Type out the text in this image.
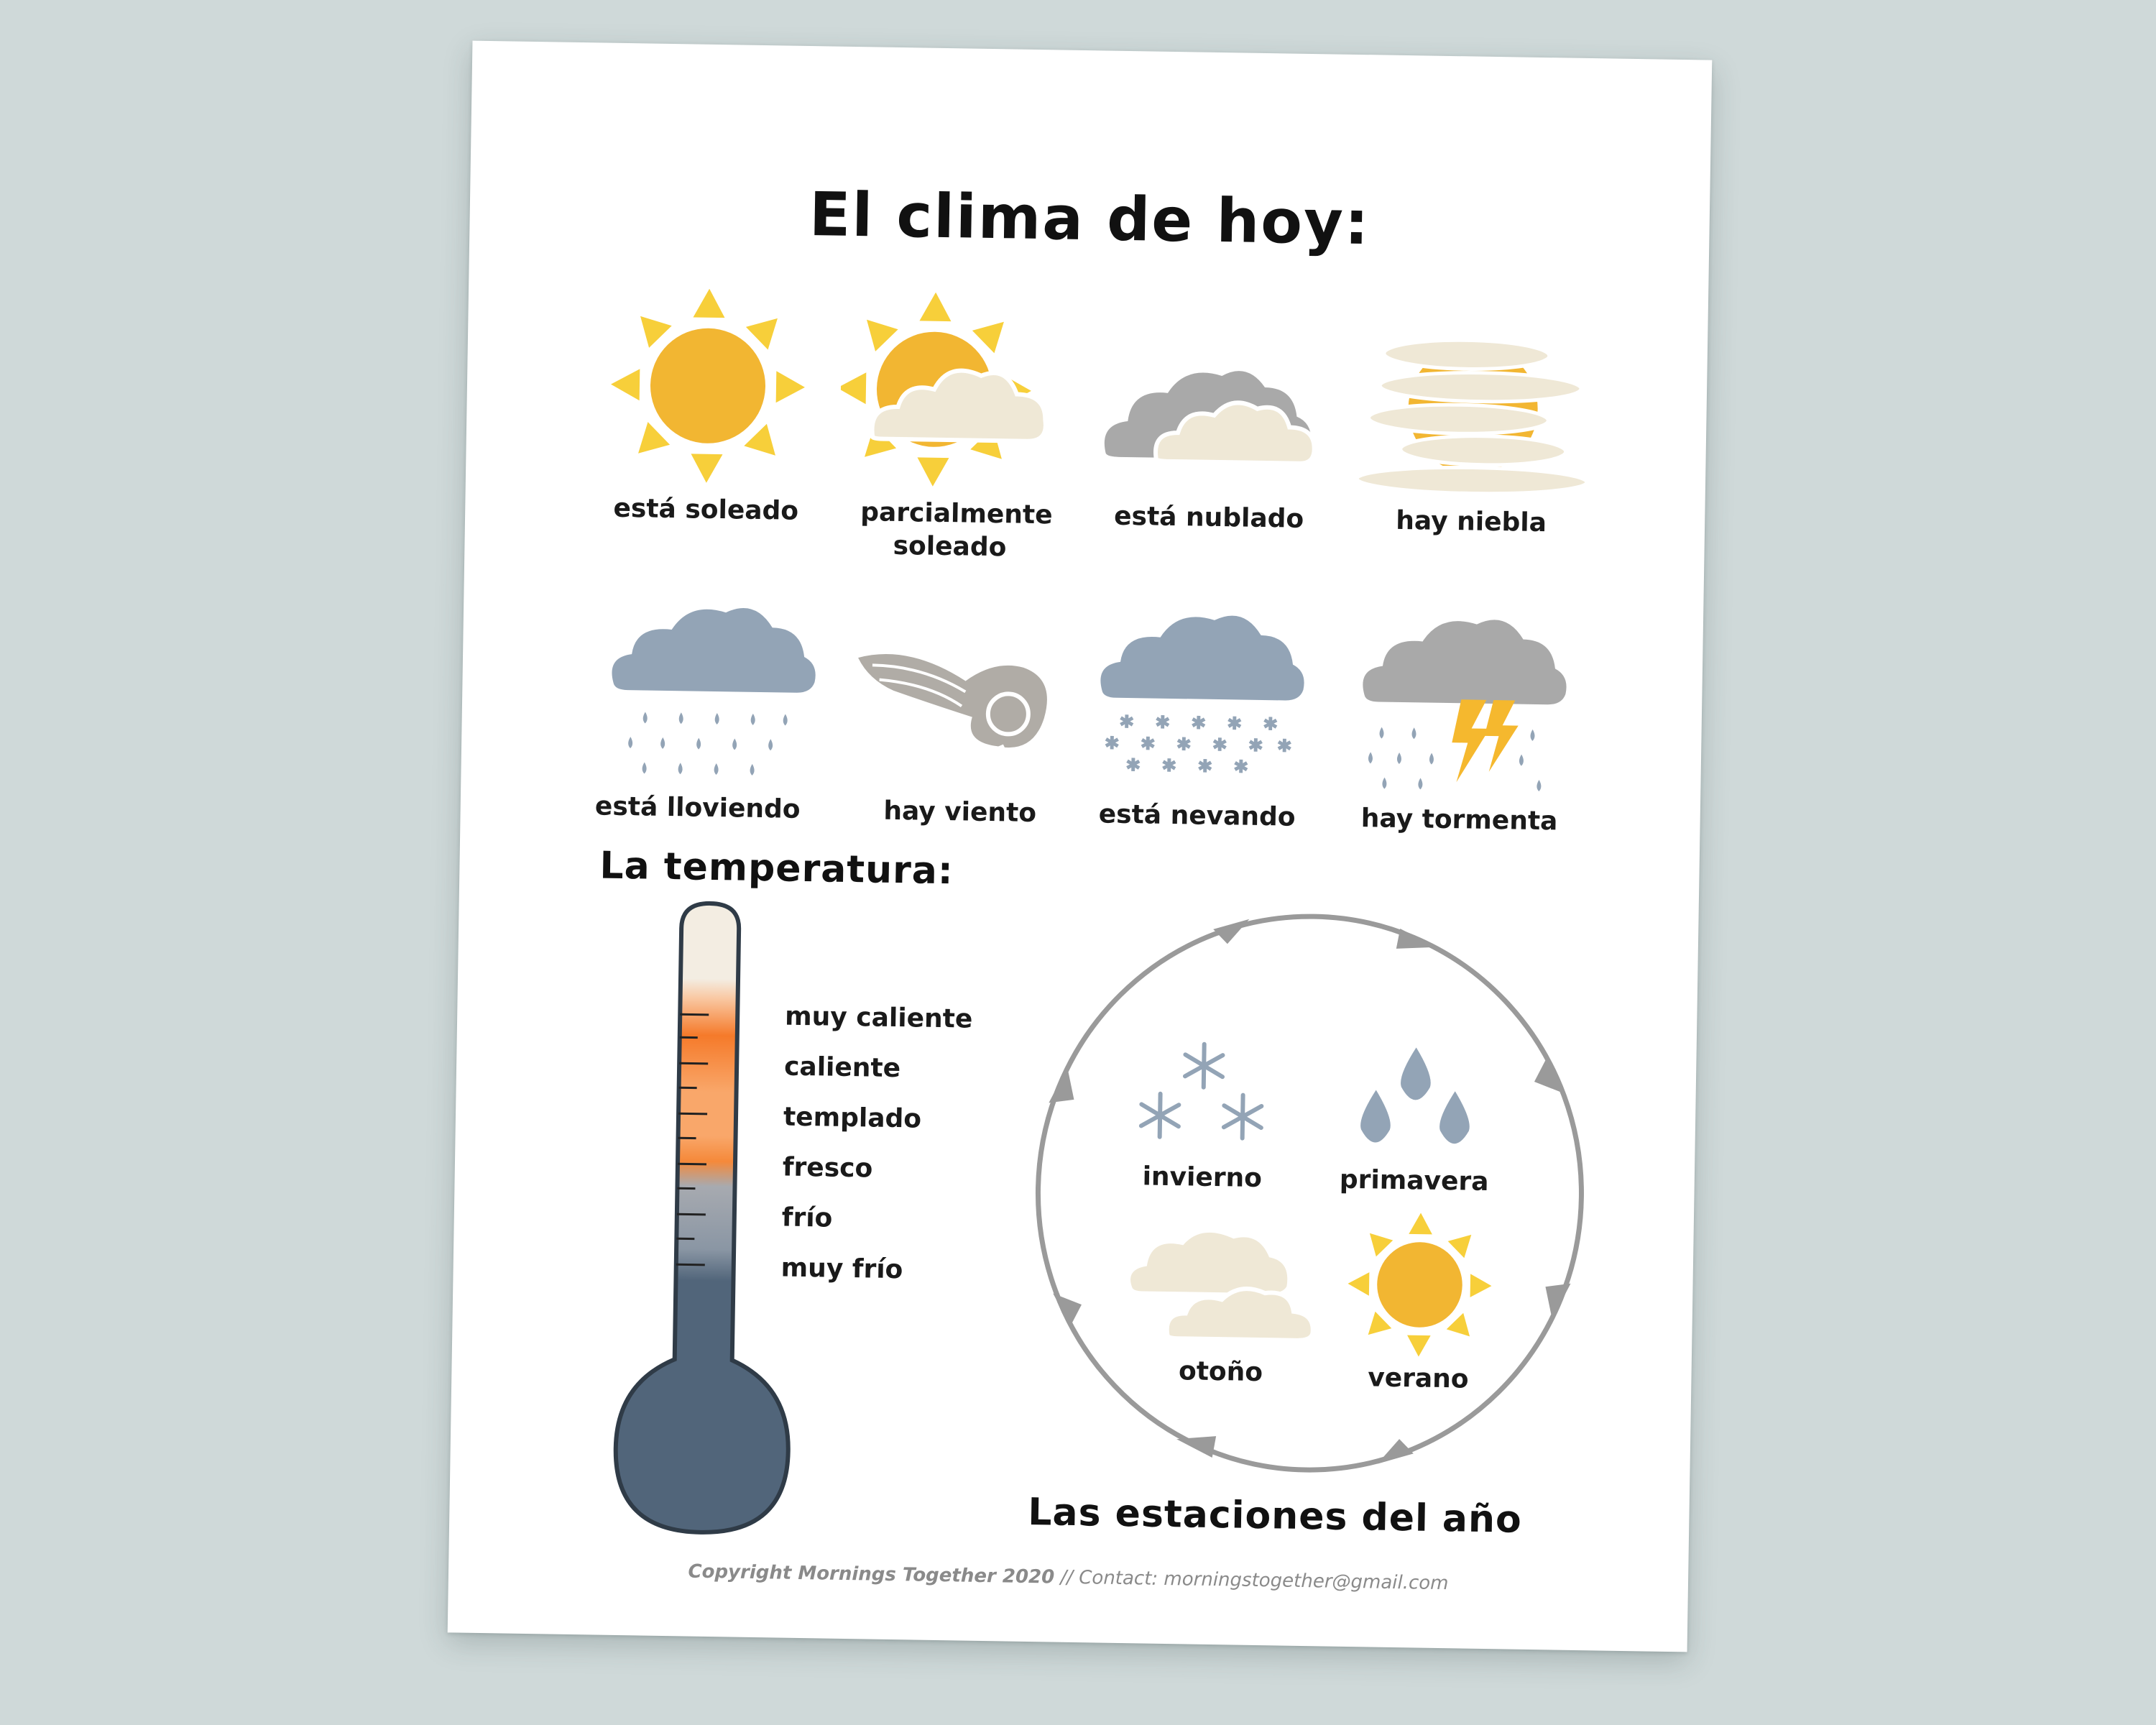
El clima de hoy:
está soleado	parcialmente soleado
está nublado	hay niebla
* * * * *
* * * * * *
* * * *
está lloviendo	hay viento	está nevando	hay tormenta
La temperatura:
muy caliente
caliente
templado
fresco
frío
muy frío
invierno	primavera
otoño	verano
Las estaciones del año
Copyright Mornings Together 2020 // Contact: morningstogether@gmail.com
